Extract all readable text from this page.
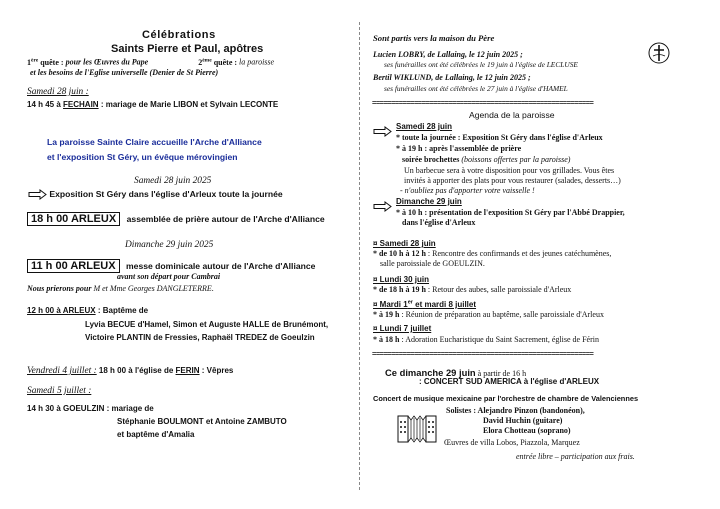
Célébrations
Saints Pierre et Paul, apôtres
1ère quête : pour les Œuvres du Pape	2ème quête : la paroisse
et les besoins de l'Eglise universelle (Denier de St Pierre)
Samedi 28 juin :
14 h 45 à FECHAIN : mariage de Marie LIBON et Sylvain LECONTE
La paroisse Sainte Claire accueille l'Arche d'Alliance
et l'exposition St Géry, un évêque mérovingien
Samedi 28 juin 2025
Exposition St Géry dans l'église d'Arleux toute la journée
18 h 00 ARLEUX assemblée de prière autour de l'Arche d'Alliance
Dimanche 29 juin 2025
11 h 00 ARLEUX messe dominicale autour de l'Arche d'Alliance
avant son départ pour Cambrai
Nous prierons pour M et Mme Georges DANGLETERRE.
12 h 00 à ARLEUX : Baptême de
Lyvia BECUE d'Hamel, Simon et Auguste HALLE de Brunémont,
Victoire PLANTIN de Fressies, Raphaël TREDEZ de Goeulzin
Vendredi 4 juillet : 18 h 00 à l'église de FERIN : Vêpres
Samedi 5 juillet :
14 h 30 à GOEULZIN : mariage de
Stéphanie BOULMONT et Antoine ZAMBUTO
et baptême d'Amalia
Sont partis vers la maison du Père
Lucien LOBRY, de Lallaing, le 12 juin 2025 ;
ses funérailles ont été célébrées le 19 juin à l'église de LECLUSE
Bertil WIKLUND, de Lallaing, le 12 juin 2025 ;
ses funérailles ont été célébrées le 27 juin à l'église d'HAMEL
==========================================================
Agenda de la paroisse
Samedi 28 juin
* toute la journée : Exposition St Géry dans l'église d'Arleux
* à 19 h : après l'assemblée de prière
soirée brochettes (boissons offertes par la paroisse)
Un barbecue sera à votre disposition pour vos grillades. Vous êtes
invités à apporter des plats pour vous restaurer (salades, desserts…)
- n'oubliez pas d'apporter votre vaisselle !
Dimanche 29 juin
* à 10 h : présentation de l'exposition St Géry par l'Abbé Drappier,
dans l'église d'Arleux
¤ Samedi 28 juin
* de 10 h à 12 h : Rencontre des confirmands et des jeunes catéchumènes,
salle paroissiale de GOEULZIN.
¤ Lundi 30 juin
* de 18 h à 19 h : Retour des aubes, salle paroissiale d'Arleux
¤ Mardi 1er et mardi 8 juillet
* à 19 h : Réunion de préparation au baptême, salle paroissiale d'Arleux
¤ Lundi 7 juillet
* à 18 h : Adoration Eucharistique du Saint Sacrement, église de Férin
==========================================================
Ce dimanche 29 juin à partir de 16 h
: CONCERT SUD AMERICA à l'église d'ARLEUX
Concert de musique mexicaine par l'orchestre de chambre de Valenciennes
Solistes : Alejandro Pinzon (bandonéon),
David Huchin (guitare)
Elora Chotteau (soprano)
Œuvres de villa Lobos, Piazzola, Marquez
entrée libre – participation aux frais.
